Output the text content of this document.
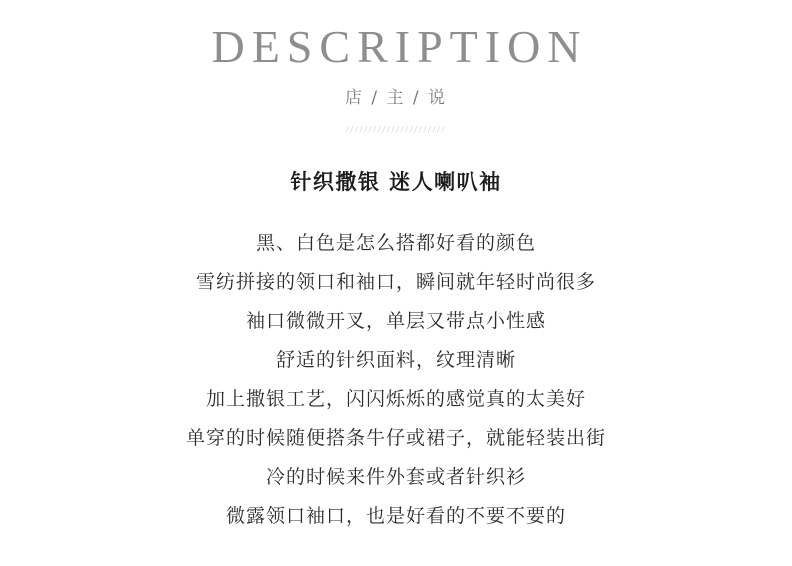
DESCRIPTION
店 / 主 / 说
//////////////////////
针织撒银 迷人喇叭袖
黑、白色是怎么搭都好看的颜色
雪纺拼接的领口和袖口，瞬间就年轻时尚很多
袖口微微开叉，单层又带点小性感
舒适的针织面料，纹理清晰
加上撒银工艺，闪闪烁烁的感觉真的太美好
单穿的时候随便搭条牛仔或裙子，就能轻装出街
冷的时候来件外套或者针织衫
微露领口袖口，也是好看的不要不要的
